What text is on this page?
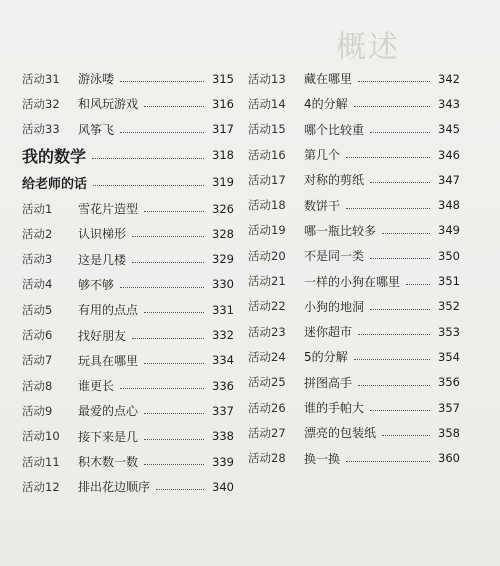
概述
活动31	游泳喽	315
活动32	和风玩游戏	316
活动33	风筝飞	317
我的数学	318
给老师的话	319
活动1	雪花片造型	326
活动2	认识梯形	328
活动3	这是几楼	329
活动4	够不够	330
活动5	有用的点点	331
活动6	找好朋友	332
活动7	玩具在哪里	334
活动8	谁更长	336
活动9	最爱的点心	337
活动10	接下来是几	338
活动11	积木数一数	339
活动12	排出花边顺序	340
活动13	藏在哪里	342
活动14	4的分解	343
活动15	哪个比较重	345
活动16	第几个	346
活动17	对称的剪纸	347
活动18	数饼干	348
活动19	哪一瓶比较多	349
活动20	不是同一类	350
活动21	一样的小狗在哪里	351
活动22	小狗的地洞	352
活动23	迷你超市	353
活动24	5的分解	354
活动25	拼图高手	356
活动26	谁的手帕大	357
活动27	漂亮的包装纸	358
活动28	换一换	360
